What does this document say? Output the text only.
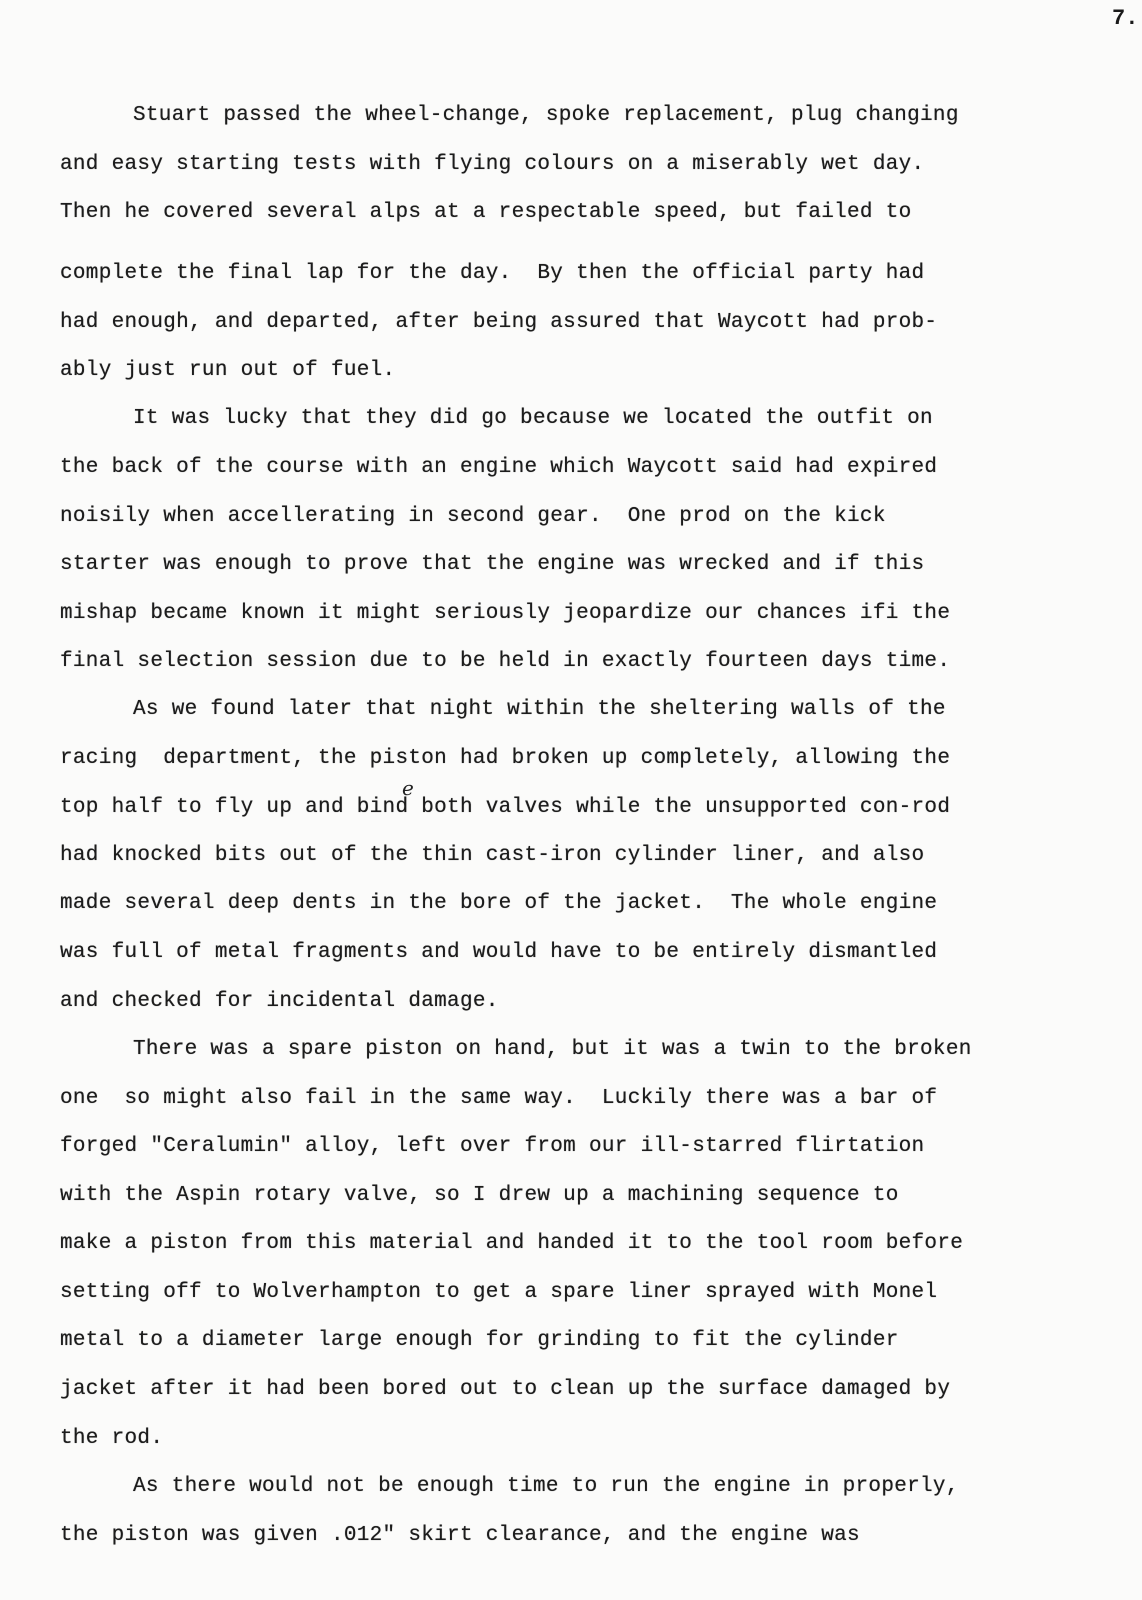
7.
Stuart passed the wheel-change, spoke replacement, plug changing
and easy starting tests with flying colours on a miserably wet day.
Then he covered several alps at a respectable speed, but failed to
complete the final lap for the day.  By then the official party had
had enough, and departed, after being assured that Waycott had prob-
ably just run out of fuel.
It was lucky that they did go because we located the outfit on
the back of the course with an engine which Waycott said had expired
noisily when accellerating in second gear.  One prod on the kick
starter was enough to prove that the engine was wrecked and if this
mishap became known it might seriously jeopardize our chances ifi the
final selection session due to be held in exactly fourteen days time.
As we found later that night within the sheltering walls of the
racing  department, the piston had broken up completely, allowing the
e
top half to fly up and bind both valves while the unsupported con-rod
had knocked bits out of the thin cast-iron cylinder liner, and also
made several deep dents in the bore of the jacket.  The whole engine
was full of metal fragments and would have to be entirely dismantled
and checked for incidental damage.
There was a spare piston on hand, but it was a twin to the broken
one  so might also fail in the same way.  Luckily there was a bar of
forged "Ceralumin" alloy, left over from our ill-starred flirtation
with the Aspin rotary valve, so I drew up a machining sequence to
make a piston from this material and handed it to the tool room before
setting off to Wolverhampton to get a spare liner sprayed with Monel
metal to a diameter large enough for grinding to fit the cylinder
jacket after it had been bored out to clean up the surface damaged by
the rod.
As there would not be enough time to run the engine in properly,
the piston was given .012" skirt clearance, and the engine was
